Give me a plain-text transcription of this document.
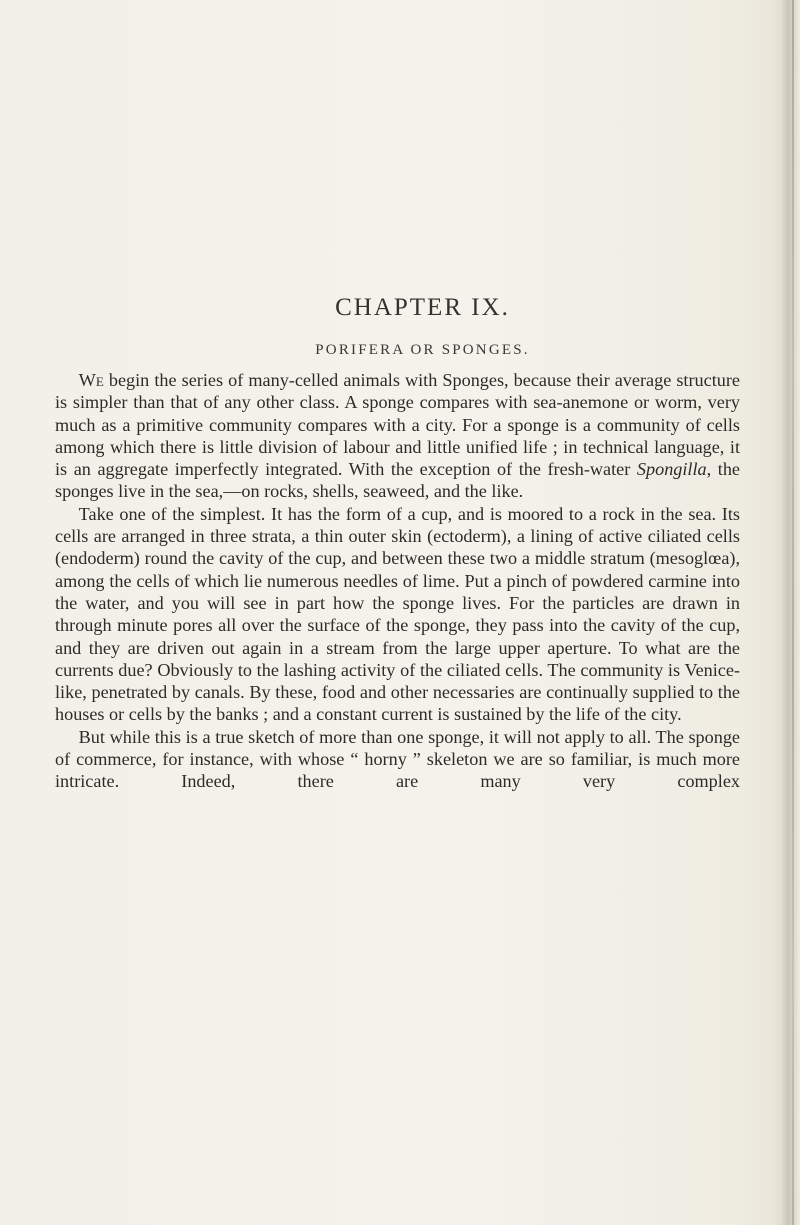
CHAPTER IX.
PORIFERA OR SPONGES.

We begin the series of many-celled animals with Sponges, because their average structure is simpler than that of any other class. A sponge compares with sea-anemone or worm, very much as a primitive community compares with a city. For a sponge is a community of cells among which there is little division of labour and little unified life ; in technical language, it is an aggregate imperfectly integrated. With the exception of the fresh-water Spongilla, the sponges live in the sea,—on rocks, shells, seaweed, and the like.

Take one of the simplest. It has the form of a cup, and is moored to a rock in the sea. Its cells are arranged in three strata, a thin outer skin (ectoderm), a lining of active ciliated cells (endoderm) round the cavity of the cup, and between these two a middle stratum (mesoglœa), among the cells of which lie numerous needles of lime. Put a pinch of powdered carmine into the water, and you will see in part how the sponge lives. For the particles are drawn in through minute pores all over the surface of the sponge, they pass into the cavity of the cup, and they are driven out again in a stream from the large upper aperture. To what are the currents due? Obviously to the lashing activity of the ciliated cells. The community is Venice-like, penetrated by canals. By these, food and other necessaries are continually supplied to the houses or cells by the banks ; and a constant current is sustained by the life of the city.

But while this is a true sketch of more than one sponge, it will not apply to all. The sponge of commerce, for instance, with whose “ horny ” skeleton we are so familiar, is much more intricate. Indeed, there are many very complex
